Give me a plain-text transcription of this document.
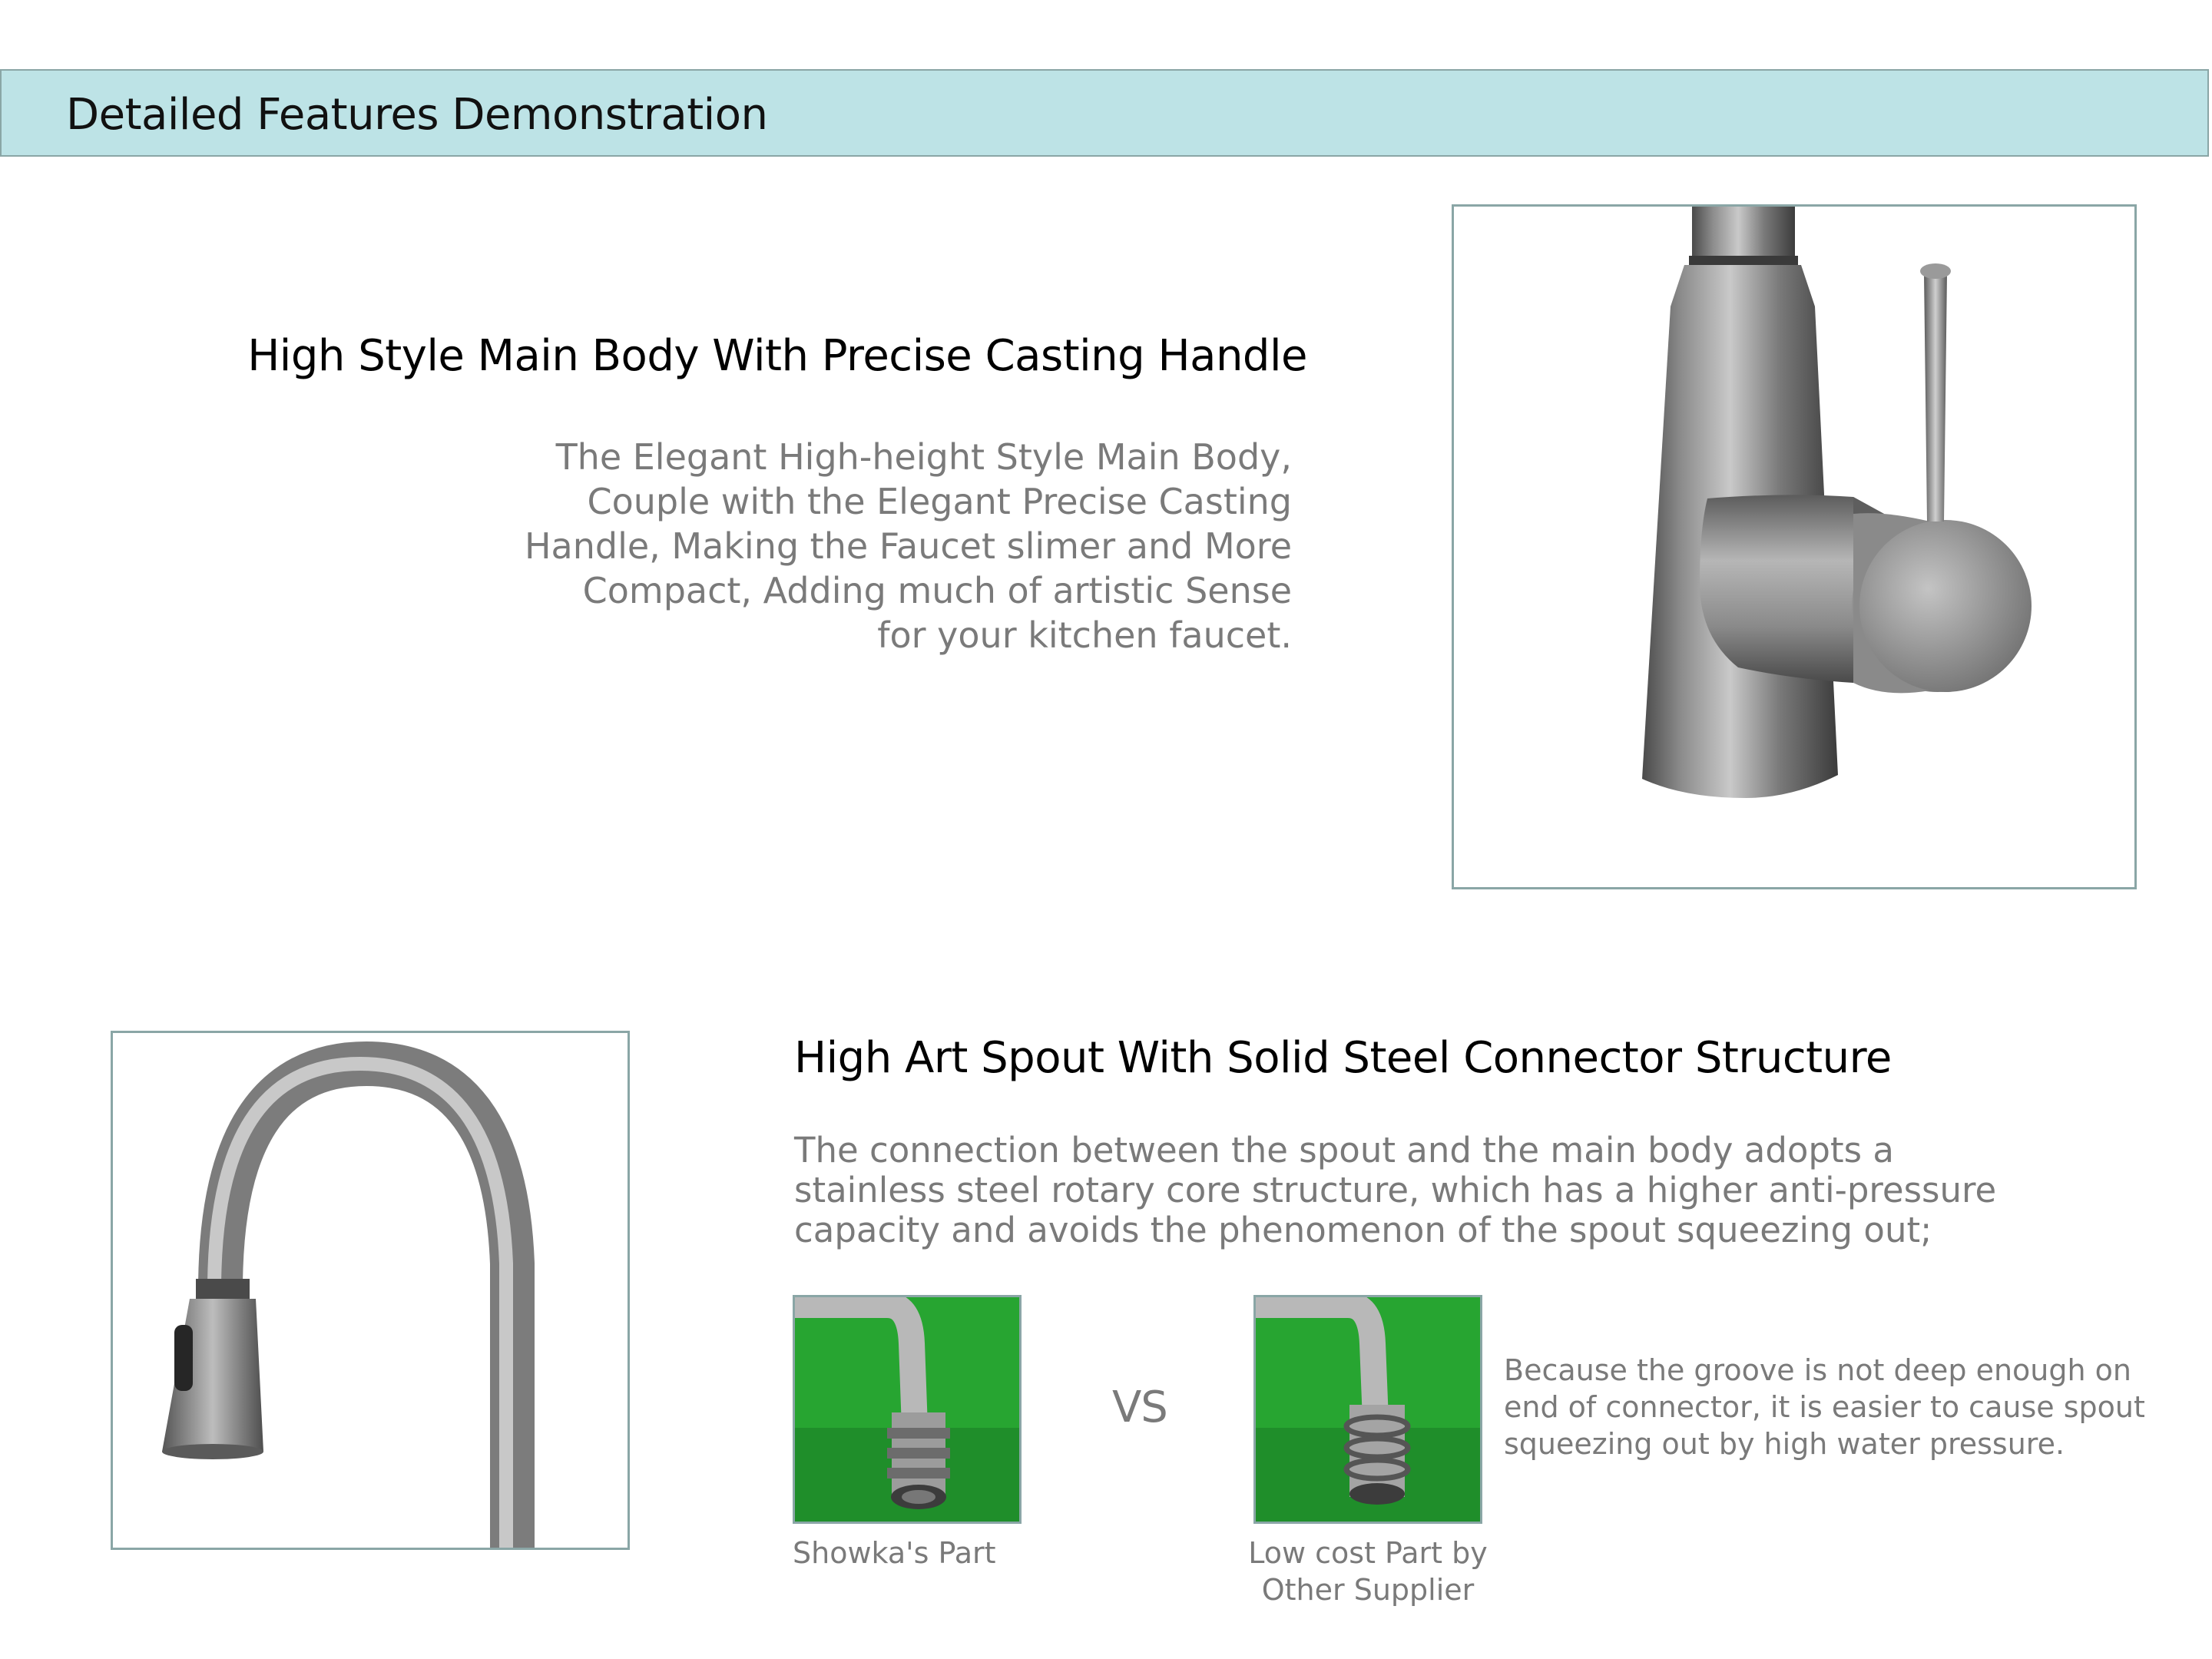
Detailed Features Demonstration
High Style Main Body With Precise Casting Handle
The Elegant High-height Style Main Body, Couple with the Elegant Precise Casting Handle, Making the Faucet slimer and More Compact, Adding much of artistic Sense for your kitchen faucet.
High Art Spout With Solid Steel Connector Structure
The connection between the spout and the main body adopts a stainless steel rotary core structure, which has a higher anti-pressure capacity and avoids the phenomenon of the spout squeezing out;
Showka's Part
VS
Low cost Part by
Other Supplier
Because the groove is not deep enough on end of connector, it is easier to cause spout squeezing out by high water pressure.
